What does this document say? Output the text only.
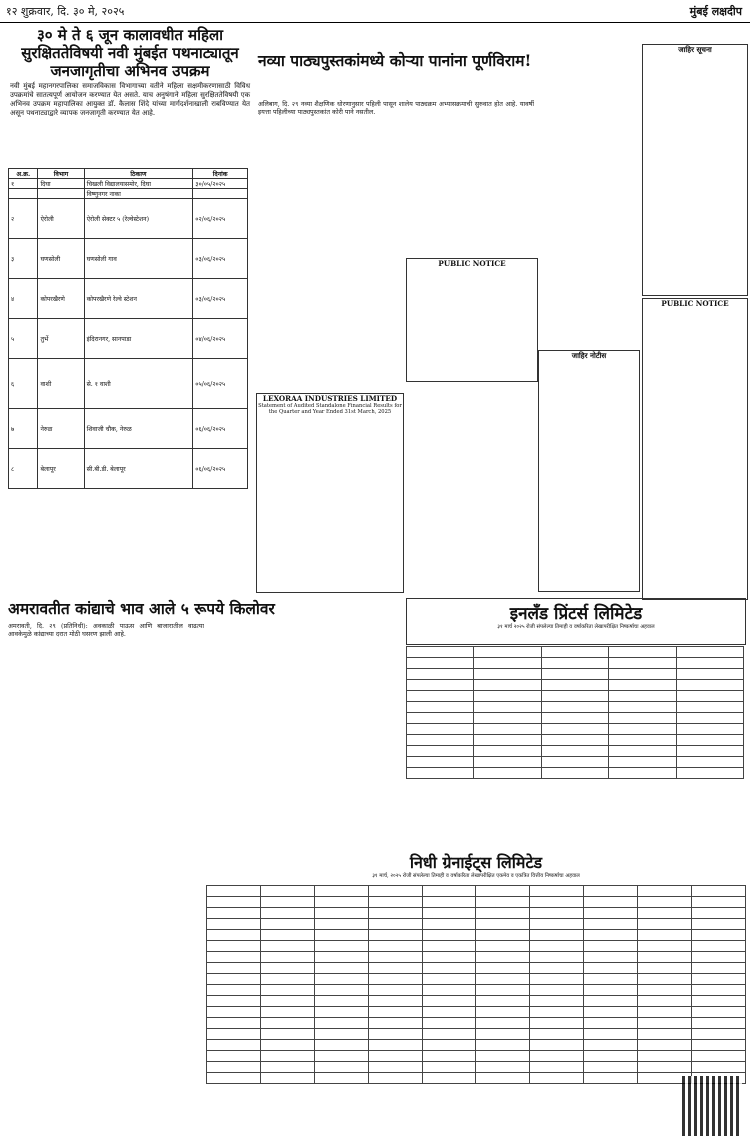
१२ शुक्रवार, दि. ३० मे, २०२५	मुंबई लक्षदीप
३० मे ते ६ जून कालावधीत महिला सुरक्षिततेविषयी नवी मुंबईत पथनाट्यातून जनजागृतीचा अभिनव उपक्रम
नवी मुंबई महानगरपालिका समाजविकास विभागाच्या वतीने महिला सक्षमीकरणासाठी विविध उपक्रमांचे सातत्यपूर्ण आयोजन करण्यात येत असते. याच अनुषंगाने महिला सुरक्षिततेविषयी एक अभिनव उपक्रम महापालिका आयुक्त डॉ. कैलास शिंदे यांच्या मार्गदर्शनाखाली राबविण्यात येत असून पथनाट्याद्वारे व्यापक जनजागृती करण्यात येत आहे.
अ.क्र.	विभाग	ठिकाण	दिनांक
१	दिघा	चिखली विद्यालयासमोर, दिघा	३०/०५/२०२५
		विष्णुनगर नाका	
२	ऐरोली	ऐरोली सेक्टर ५ (रेल्वेस्टेशन)	०२/०६/२०२५
३	घणसोली	घणसोली गाव	०३/०६/२०२५
४	कोपरखैरणे	कोपरखैरणे रेल्वे स्टेशन	०३/०६/२०२५
५	तुर्भे	इंदिरानगर, सानपाडा	०४/०६/२०२५
६	वाशी	से. १ वाशी	०५/०६/२०२५
७	नेरुळ	शिवाजी चौक, नेरुळ	०६/०६/२०२५
८	बेलापूर	सी.बी.डी. बेलापूर	०६/०६/२०२५
नव्या पाठ्यपुस्तकांमध्ये कोऱ्या पानांना पूर्णविराम!
अलिबाग, दि. २९ नव्या शैक्षणिक धोरणानुसार पहिली पासून शालेय पाठ्यक्रम अभ्यासक्रमाची सुरुवात होत आहे. यावर्षी इयत्ता पहिलीच्या पाठ्यपुस्तकांत कोरी पाने नसतील.
LEXORAA INDUSTRIES LIMITED
Statement of Audited Standalone Financial Results for the Quarter and Year Ended 31st March, 2025
PUBLIC NOTICE
PUBLIC NOTICE
जाहिर नोटीस
जाहिर सूचना
अमरावतीत कांद्याचे भाव आले ५ रूपये किलोवर
अमरावती, दि. २९ (प्रतिनिधी): अवकाळी पाऊस आणि बाजारातील वाढत्या आवकेमुळे कांद्याच्या दरात मोठी घसरण झाली आहे.
इनलँड प्रिंटर्स लिमिटेड
३१ मार्च २०२५ रोजी संपलेल्या तिमाही व वर्षाकरिता लेखापरीक्षित निष्कर्षाचा अहवाल

निधी ग्रेनाईट्स लिमिटेड
३१ मार्च, २०२५ रोजी संपलेल्या तिमाही व वर्षाकरिता लेखापरीक्षित एकमेव व एकत्रित वित्तीय निष्कर्षाचा अहवाल
